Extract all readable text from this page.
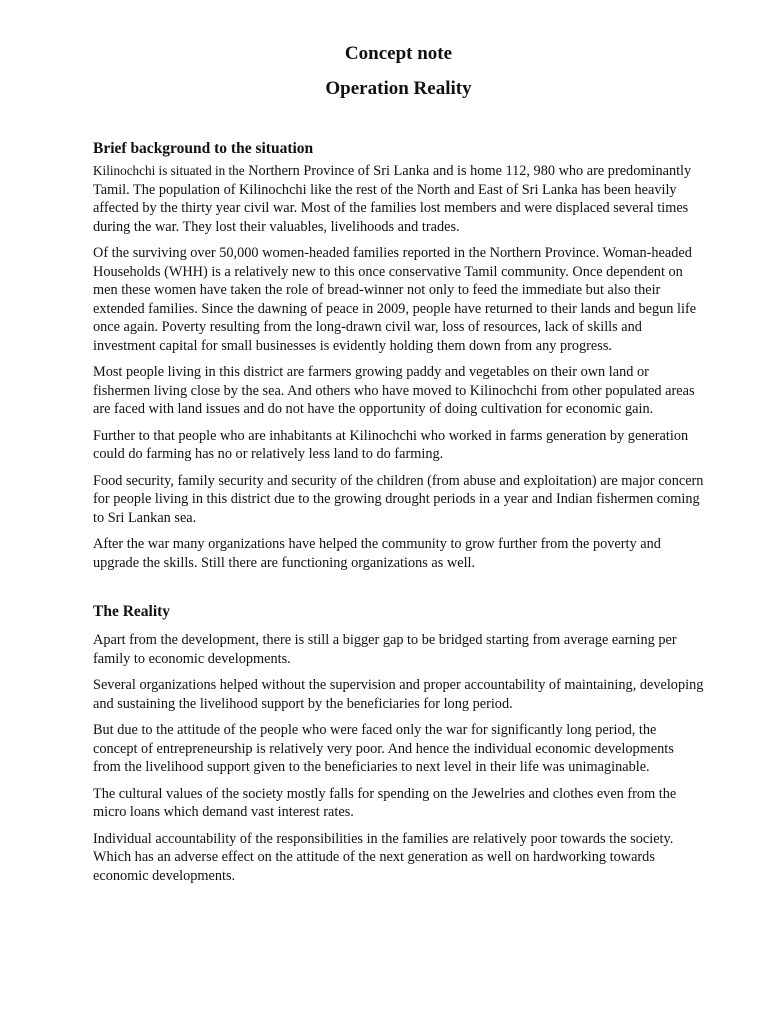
Concept note
Operation Reality
Brief background to the situation

Kilinochchi is situated in the Northern Province of Sri Lanka and is home 112, 980 who are predominantly Tamil. The population of Kilinochchi like the rest of the North and East of Sri Lanka has been heavily affected by the thirty year civil war. Most of the families lost members and were displaced several times during the war. They lost their valuables, livelihoods and trades.

Of the surviving over 50,000 women-headed families reported in the Northern Province. Woman-headed Households (WHH) is a relatively new to this once conservative Tamil community. Once dependent on men these women have taken the role of bread-winner not only to feed the immediate but also their extended families. Since the dawning of peace in 2009, people have returned to their lands and begun life once again. Poverty resulting from the long-drawn civil war, loss of resources, lack of skills and investment capital for small businesses is evidently holding them down from any progress.

Most people living in this district are farmers growing paddy and vegetables on their own land or fishermen living close by the sea. And others who have moved to Kilinochchi from other populated areas are faced with land issues and do not have the opportunity of doing cultivation for economic gain.

Further to that people who are inhabitants at Kilinochchi who worked in farms generation by generation could do farming has no or relatively less land to do farming.

Food security, family security and security of the children (from abuse and exploitation) are major concern for people living in this district due to the growing drought periods in a year and Indian fishermen coming to Sri Lankan sea.

After the war many organizations have helped the community to grow further from the poverty and upgrade the skills. Still there are functioning organizations as well.

The Reality

Apart from the development, there is still a bigger gap to be bridged starting from average earning per family to economic developments.

Several organizations helped without the supervision and proper accountability of maintaining, developing and sustaining the livelihood support by the beneficiaries for long period.

But due to the attitude of the people who were faced only the war for significantly long period, the concept of entrepreneurship is relatively very poor. And hence the individual economic developments from the livelihood support given to the beneficiaries to next level in their life was unimaginable.

The cultural values of the society mostly falls for spending on the Jewelries and clothes even from the micro loans which demand vast interest rates.

Individual accountability of the responsibilities in the families are relatively poor towards the society. Which has an adverse effect on the attitude of the next generation as well on hardworking towards economic developments.
